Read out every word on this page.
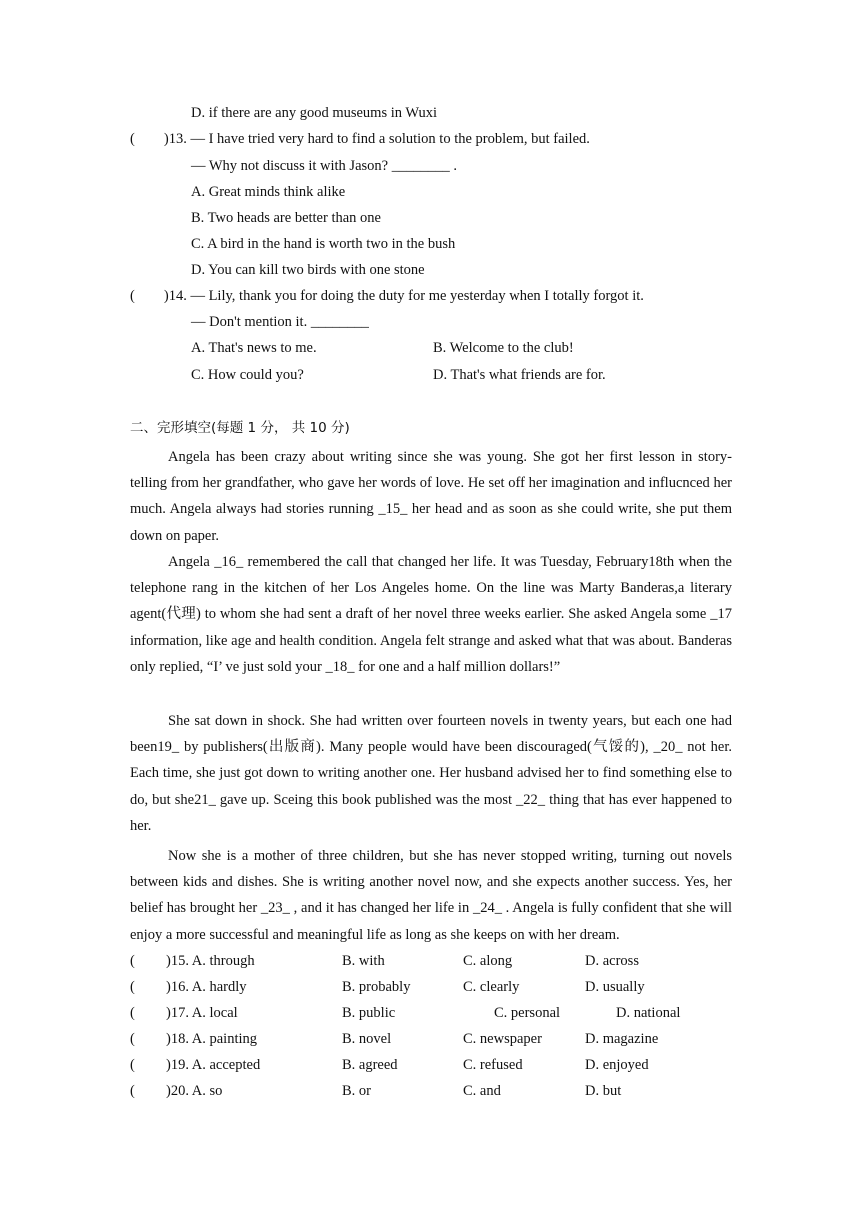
D. if there are any good museums in Wuxi
( )13. — I have tried very hard to find a solution to the problem, but failed.
— Why not discuss it with Jason? ________ .
A. Great minds think alike
B. Two heads are better than one
C. A bird in the hand is worth two in the bush
D. You can kill two birds with one stone
( )14. — Lily, thank you for doing the duty for me yesterday when I totally forgot it.
— Don't mention it. ________
A. That's news to me.	B. Welcome to the club!
C. How could you?	D. That's what friends are for.
二、完形填空(每题 1 分， 共 10 分)
Angela has been crazy about writing since she was young. She got her first lesson in story-telling from her grandfather, who gave her words of love. He set off her imagination and influcnced her much. Angela always had stories running _15_ her head and as soon as she could write, she put them down on paper.
Angela _16_ remembered the call that changed her life. It was Tuesday, February18th when the telephone rang in the kitchen of her Los Angeles home. On the line was Marty Banderas,a literary agent(代理) to whom she had sent a draft of her novel three weeks earlier. She asked Angela some _17 information, like age and health condition. Angela felt strange and asked what that was about. Banderas only replied, “I’ ve just sold your _18_ for one and a half million dollars!”
She sat down in shock. She had written over fourteen novels in twenty years, but each one had been19_ by publishers(出版商). Many people would have been discouraged(气馁的), _20_ not her. Each time, she just got down to writing another one. Her husband advised her to find something else to do, but she21_ gave up. Sceing this book published was the most _22_ thing that has ever happened to her.
Now she is a mother of three children, but she has never stopped writing, turning out novels between kids and dishes. She is writing another novel now, and she expects another success. Yes, her belief has brought her _23_ , and it has changed her life in _24_ . Angela is fully confident that she will enjoy a more successful and meaningful life as long as she keeps on with her dream.
( )15. A. through	B. with	C. along	D. across
( )16. A. hardly	B. probably	C. clearly	D. usually
( )17. A. local	B. public	C. personal	D. national
( )18. A. painting	B. novel	C. newspaper	D. magazine
( )19. A. accepted	B. agreed	C. refused	D. enjoyed
( )20. A. so	B. or	C. and	D. but
